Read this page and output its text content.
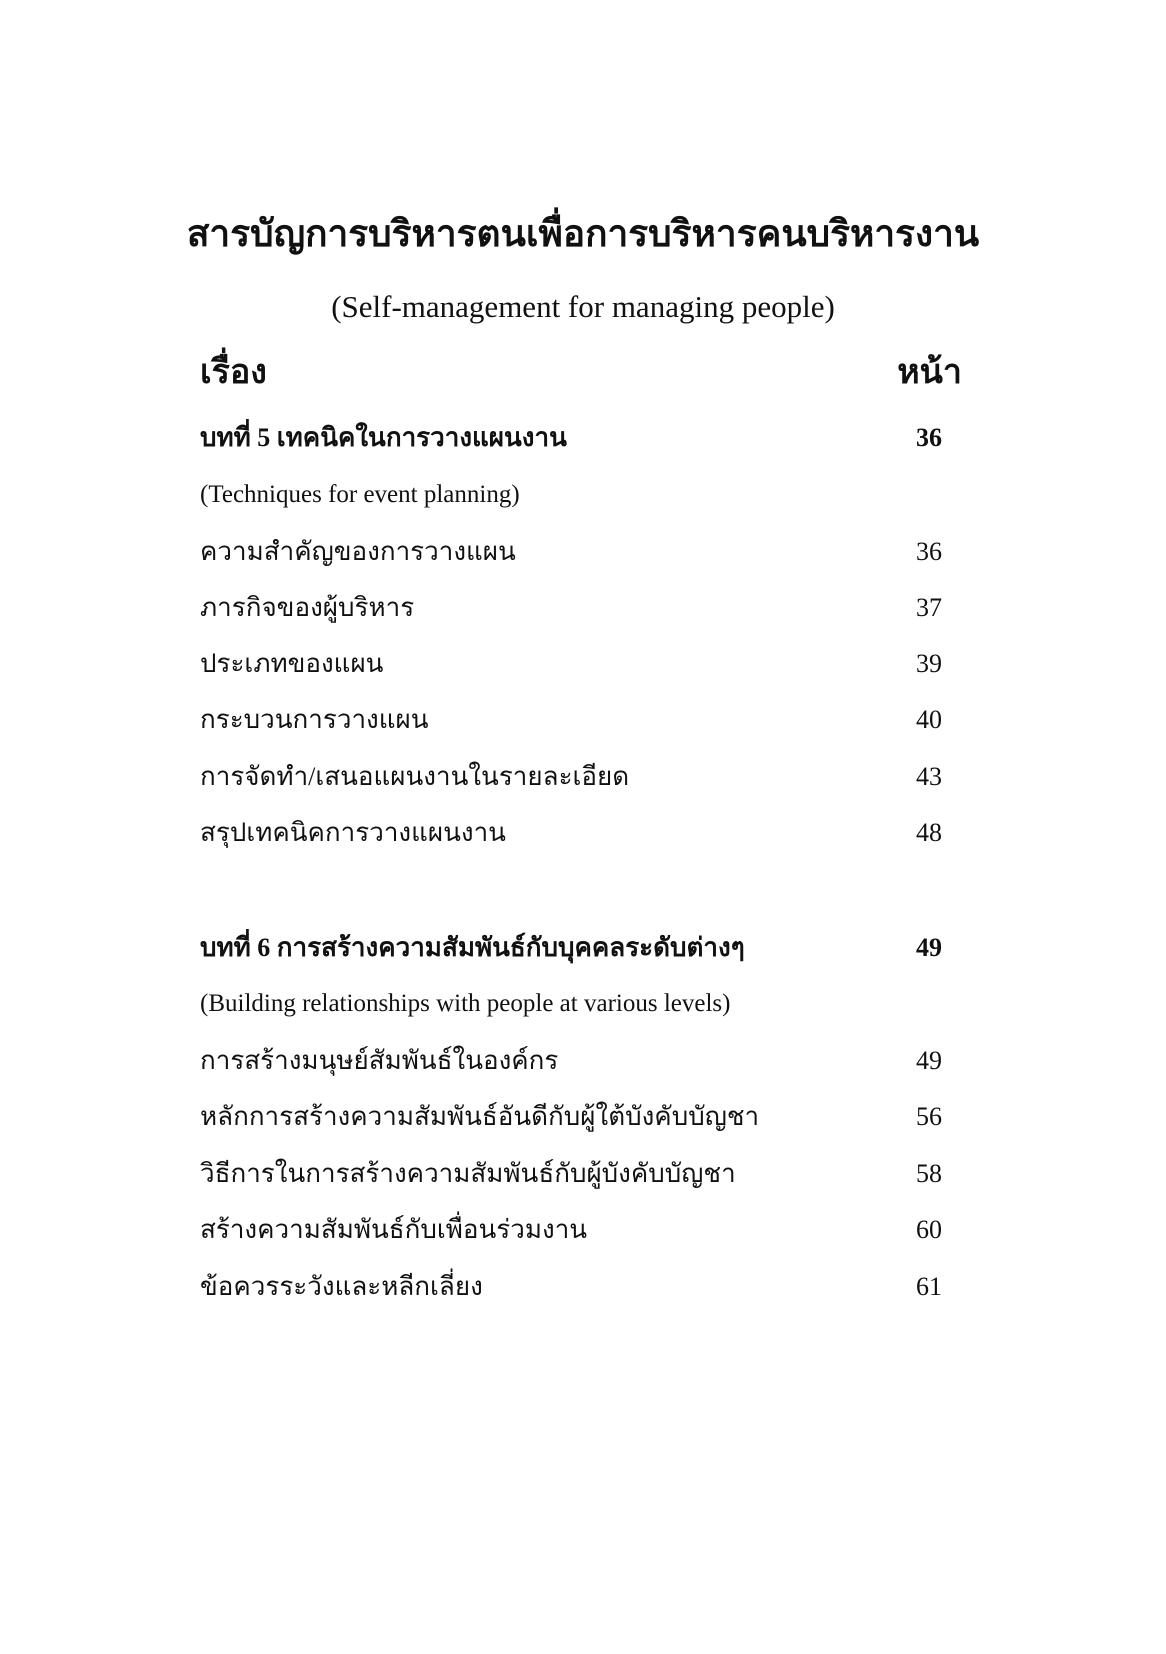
สารบัญการบริหารตนเพื่อการบริหารคนบริหารงาน
(Self-management for managing people)
เรื่อง	หน้า
บทที่ 5 เทคนิคในการวางแผนงาน	36
(Techniques for event planning)
ความสำคัญของการวางแผน	36
ภารกิจของผู้บริหาร	37
ประเภทของแผน	39
กระบวนการวางแผน	40
การจัดทำ/เสนอแผนงานในรายละเอียด	43
สรุปเทคนิคการวางแผนงาน	48
บทที่ 6 การสร้างความสัมพันธ์กับบุคคลระดับต่างๆ	49
(Building relationships with people at various levels)
การสร้างมนุษย์สัมพันธ์ในองค์กร	49
หลักการสร้างความสัมพันธ์อันดีกับผู้ใต้บังคับบัญชา	56
วิธีการในการสร้างความสัมพันธ์กับผู้บังคับบัญชา	58
สร้างความสัมพันธ์กับเพื่อนร่วมงาน	60
ข้อควรระวังและหลีกเลี่ยง	61
